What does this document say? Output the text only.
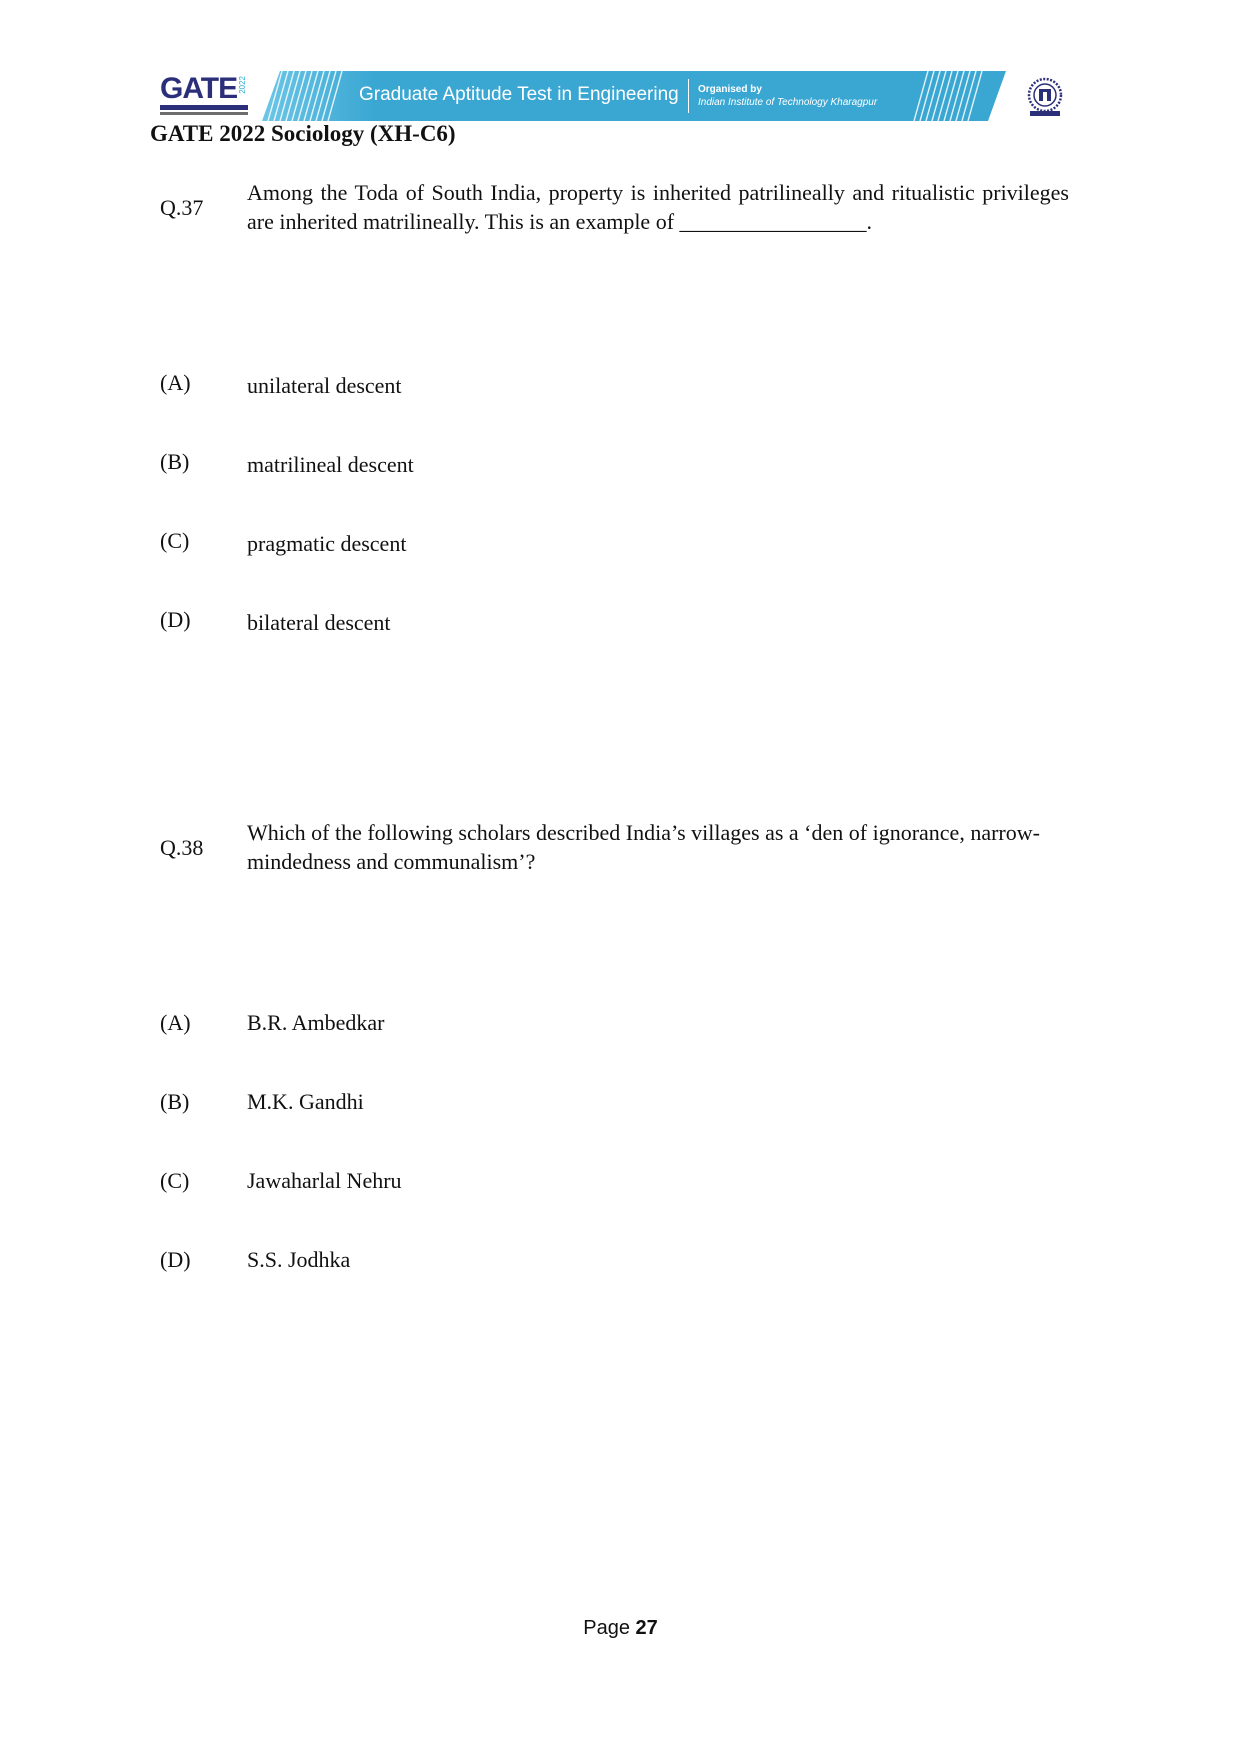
GATE 2022	Graduate Aptitude Test in Engineering Organised by
Indian Institute of Technology Kharagpur
GATE 2022 Sociology (XH-C6)
Q.37
Among the Toda of South India, property is inherited patrilineally and ritualistic privileges are inherited matrilineally. This is an example of _________________.
(A)	unilateral descent
(B)	matrilineal descent
(C)	pragmatic descent
(D)	bilateral descent
Q.38
Which of the following scholars described India’s villages as a ‘den of ignorance, narrow-mindedness and communalism’?
(A)	B.R. Ambedkar
(B)	M.K. Gandhi
(C)	Jawaharlal Nehru
(D)	S.S. Jodhka
Page 27
